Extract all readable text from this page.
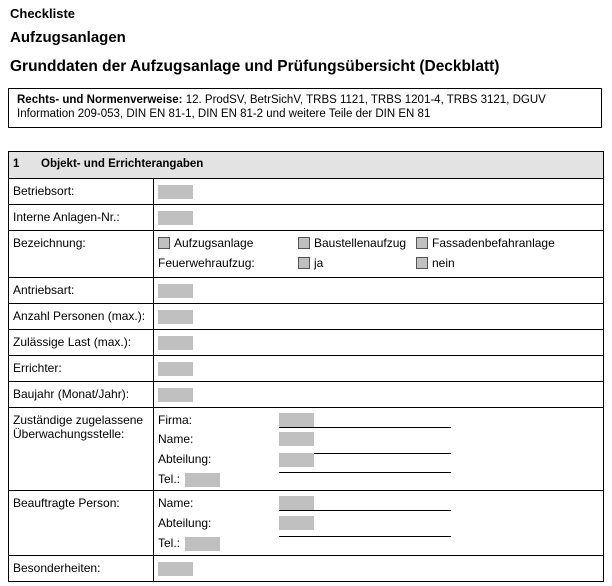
Checkliste
Aufzugsanlagen
Grunddaten der Aufzugsanlage und Prüfungsübersicht (Deckblatt)
Rechts- und Normenverweise: 12. ProdSV, BetrSichV, TRBS 1121, TRBS 1201-4, TRBS 3121, DGUV Information 209-053, DIN EN 81-1, DIN EN 81-2 und weitere Teile der DIN EN 81
1 Objekt- und Errichterangaben	
Betriebsort:	
Interne Anlagen-Nr.:	
Bezeichnung:	Aufzugsanlage	Baustellenaufzug	Fassadenbefahranlage
Feuerwehraufzug:	ja	nein

Antriebsart:	
Anzahl Personen (max.):	
Zulässige Last (max.):	
Errichter:	
Baujahr (Monat/Jahr):	
Zuständige zugelassene Überwachungsstelle:	Firma:
Name:
Abteilung:
Tel.:

Beauftragte Person:	Name:
Abteilung:
Tel.:

Besonderheiten:	
